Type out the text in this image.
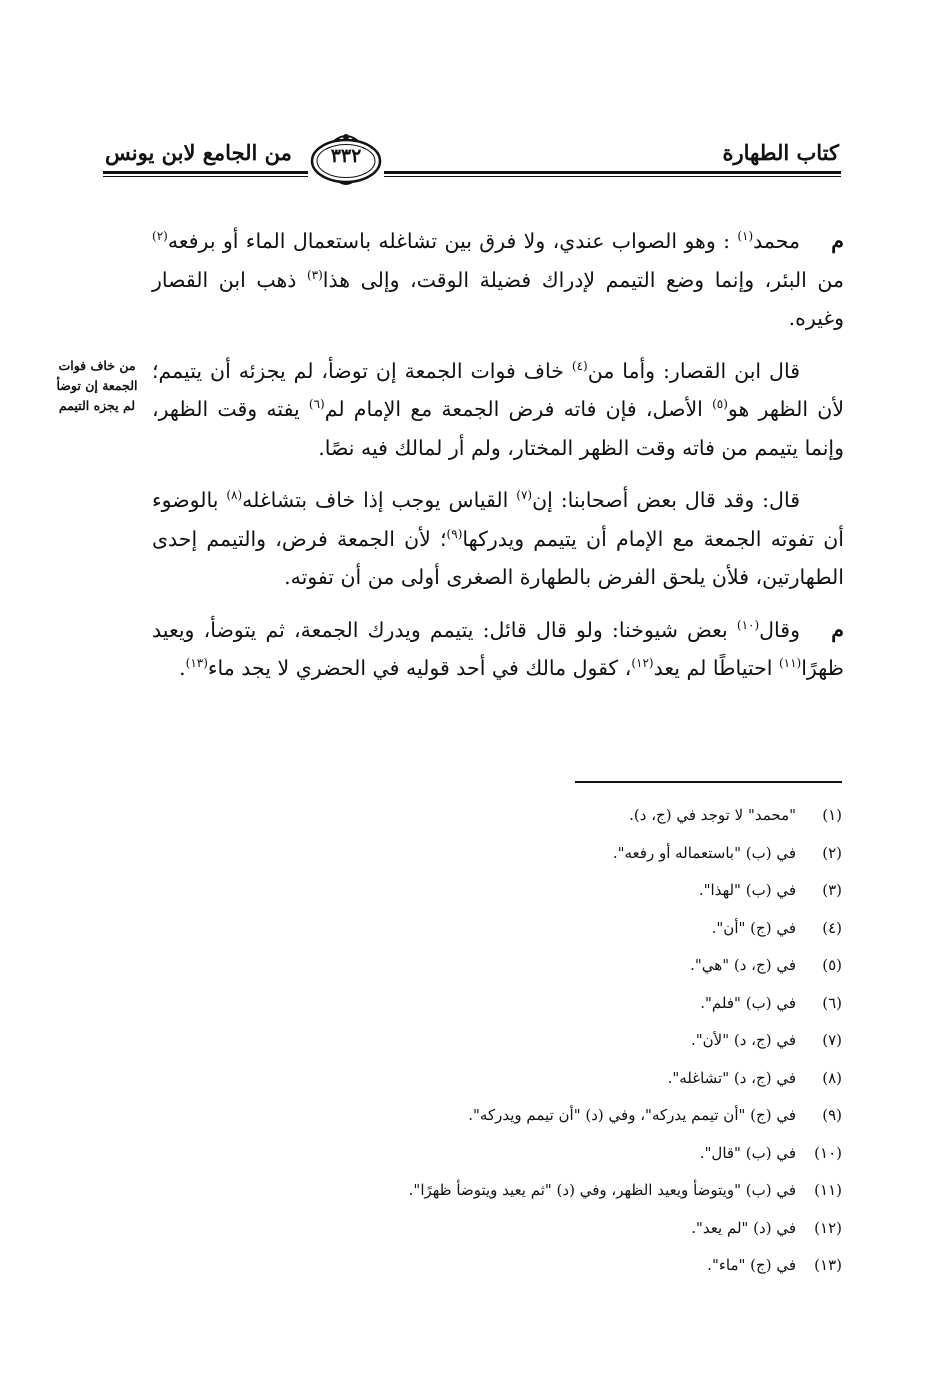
كتاب الطهارة
من الجامع لابن يونس	٣٣٢
من خاف فوات
الجمعة إن توضأ
لم يجزه التيمم

ممحمد$^{(١)}$ : وهو الصواب عندي، ولا فرق بين تشاغله باستعمال الماء أو برفعه$^{(٢)}$ من البئر، وإنما وضع التيمم لإدراك فضيلة الوقت، وإلى هذا$^{(٣)}$ ذهب ابن القصار وغيره.

قال ابن القصار: وأما من$^{(٤)}$ خاف فوات الجمعة إن توضأ، لم يجزئه أن يتيمم؛ لأن الظهر هو$^{(٥)}$ الأصل، فإن فاته فرض الجمعة مع الإمام لم$^{(٦)}$ يفته وقت الظهر، وإنما يتيمم من فاته وقت الظهر المختار، ولم أر لمالك فيه نصًا.

قال: وقد قال بعض أصحابنا: إن$^{(٧)}$ القياس يوجب إذا خاف بتشاغله$^{(٨)}$ بالوضوء أن تفوته الجمعة مع الإمام أن يتيمم ويدركها$^{(٩)}$؛ لأن الجمعة فرض، والتيمم إحدى الطهارتين، فلأن يلحق الفرض بالطهارة الصغرى أولى من أن تفوته.

موقال$^{(١٠)}$ بعض شيوخنا: ولو قال قائل: يتيمم ويدرك الجمعة، ثم يتوضأ، ويعيد ظهرًا$^{(١١)}$ احتياطًا لم يعد$^{(١٢)}$، كقول مالك في أحد قوليه في الحضري لا يجد ماء$^{(١٣)}$.

(١)"محمد" لا توجد في (ج، د).
(٢)في (ب) "باستعماله أو رفعه".
(٣)في (ب) "لهذا".
(٤)في (ج) "أن".
(٥)في (ج، د) "هي".
(٦)في (ب) "فلم".
(٧)في (ج، د) "لأن".
(٨)في (ج، د) "تشاغله".
(٩)في (ج) "أن تيمم يدركه"، وفي (د) "أن تيمم ويدركه".
(١٠)في (ب) "قال".
(١١)في (ب) "ويتوضأ ويعيد الظهر، وفي (د) "ثم يعيد ويتوضأ ظهرًا".
(١٢)في (د) "لم يعد".
(١٣)في (ج) "ماء".
